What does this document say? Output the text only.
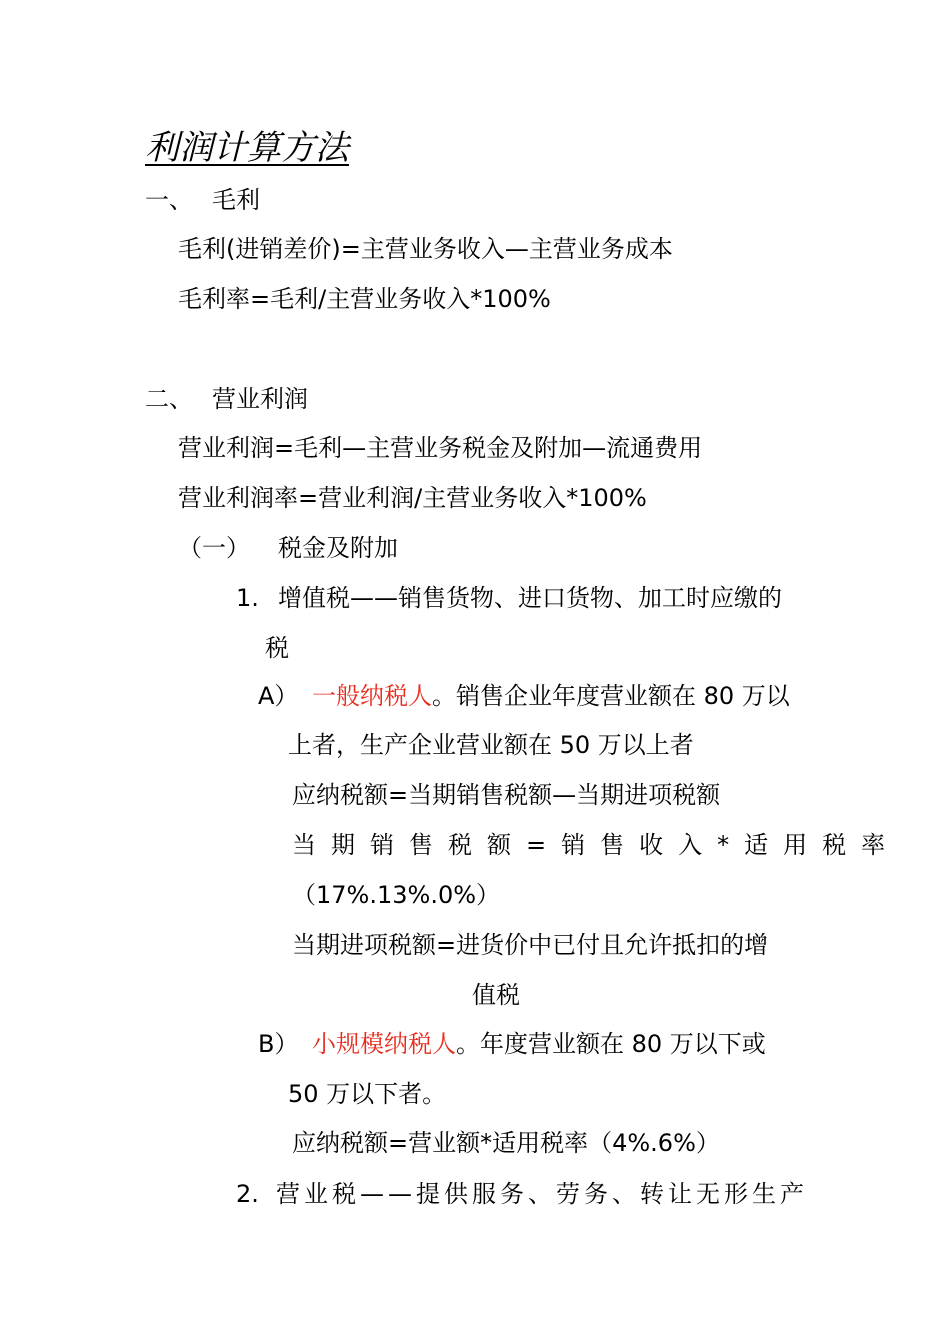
利润计算方法
一、 毛利
毛利(进销差价)=主营业务收入—主营业务成本
毛利率=毛利/主营业务收入*100%
二、 营业利润
营业利润=毛利—主营业务税金及附加—流通费用
营业利润率=营业利润/主营业务收入*100%
（一） 税金及附加
1. 增值税——销售货物、进口货物、加工时应缴的
税
A） 一般纳税人。销售企业年度营业额在 80 万以
上者，生产企业营业额在 50 万以上者
应纳税额=当期销售税额—当期进项税额
当期销售税额=销售收入*适用税率
（17%.13%.0%）
当期进项税额=进货价中已付且允许抵扣的增
值税
B） 小规模纳税人。年度营业额在 80 万以下或
50 万以下者。
应纳税额=营业额*适用税率（4%.6%）
2. 营业税——提供服务、劳务、转让无形生产
